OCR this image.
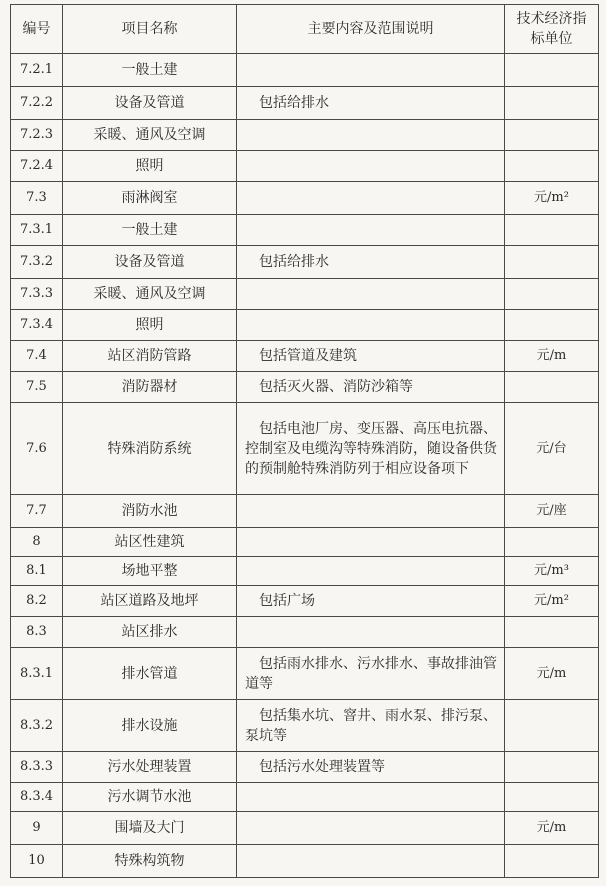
编号	项目名称	主要内容及范围说明	技术经济指标单位
7.2.1	一般土建	

7.2.2	设备及管道	包括给排水	

7.2.3	采暖、通风及空调	

7.2.4	照明	

7.3	雨淋阀室		元/m²
7.3.1	一般土建	

7.3.2	设备及管道	包括给排水	

7.3.3	采暖、通风及空调	

7.3.4	照明	

7.4	站区消防管路	包括管道及建筑	元/m
7.5	消防器材	包括灭火器、消防沙箱等	

7.6	特殊消防系统	包括电池厂房、变压器、高压电抗器、控制室及电缆沟等特殊消防，随设备供货的预制舱特殊消防列于相应设备项下	元/台
7.7	消防水池		元/座
8	站区性建筑	

8.1	场地平整		元/m³
8.2	站区道路及地坪	包括广场	元/m²
8.3	站区排水	

8.3.1	排水管道	包括雨水排水、污水排水、事故排油管道等	元/m
8.3.2	排水设施	包括集水坑、窨井、雨水泵、排污泵、泵坑等	

8.3.3	污水处理装置	包括污水处理装置等	

8.3.4	污水调节水池	

9	围墙及大门		元/m
10	特殊构筑物	
